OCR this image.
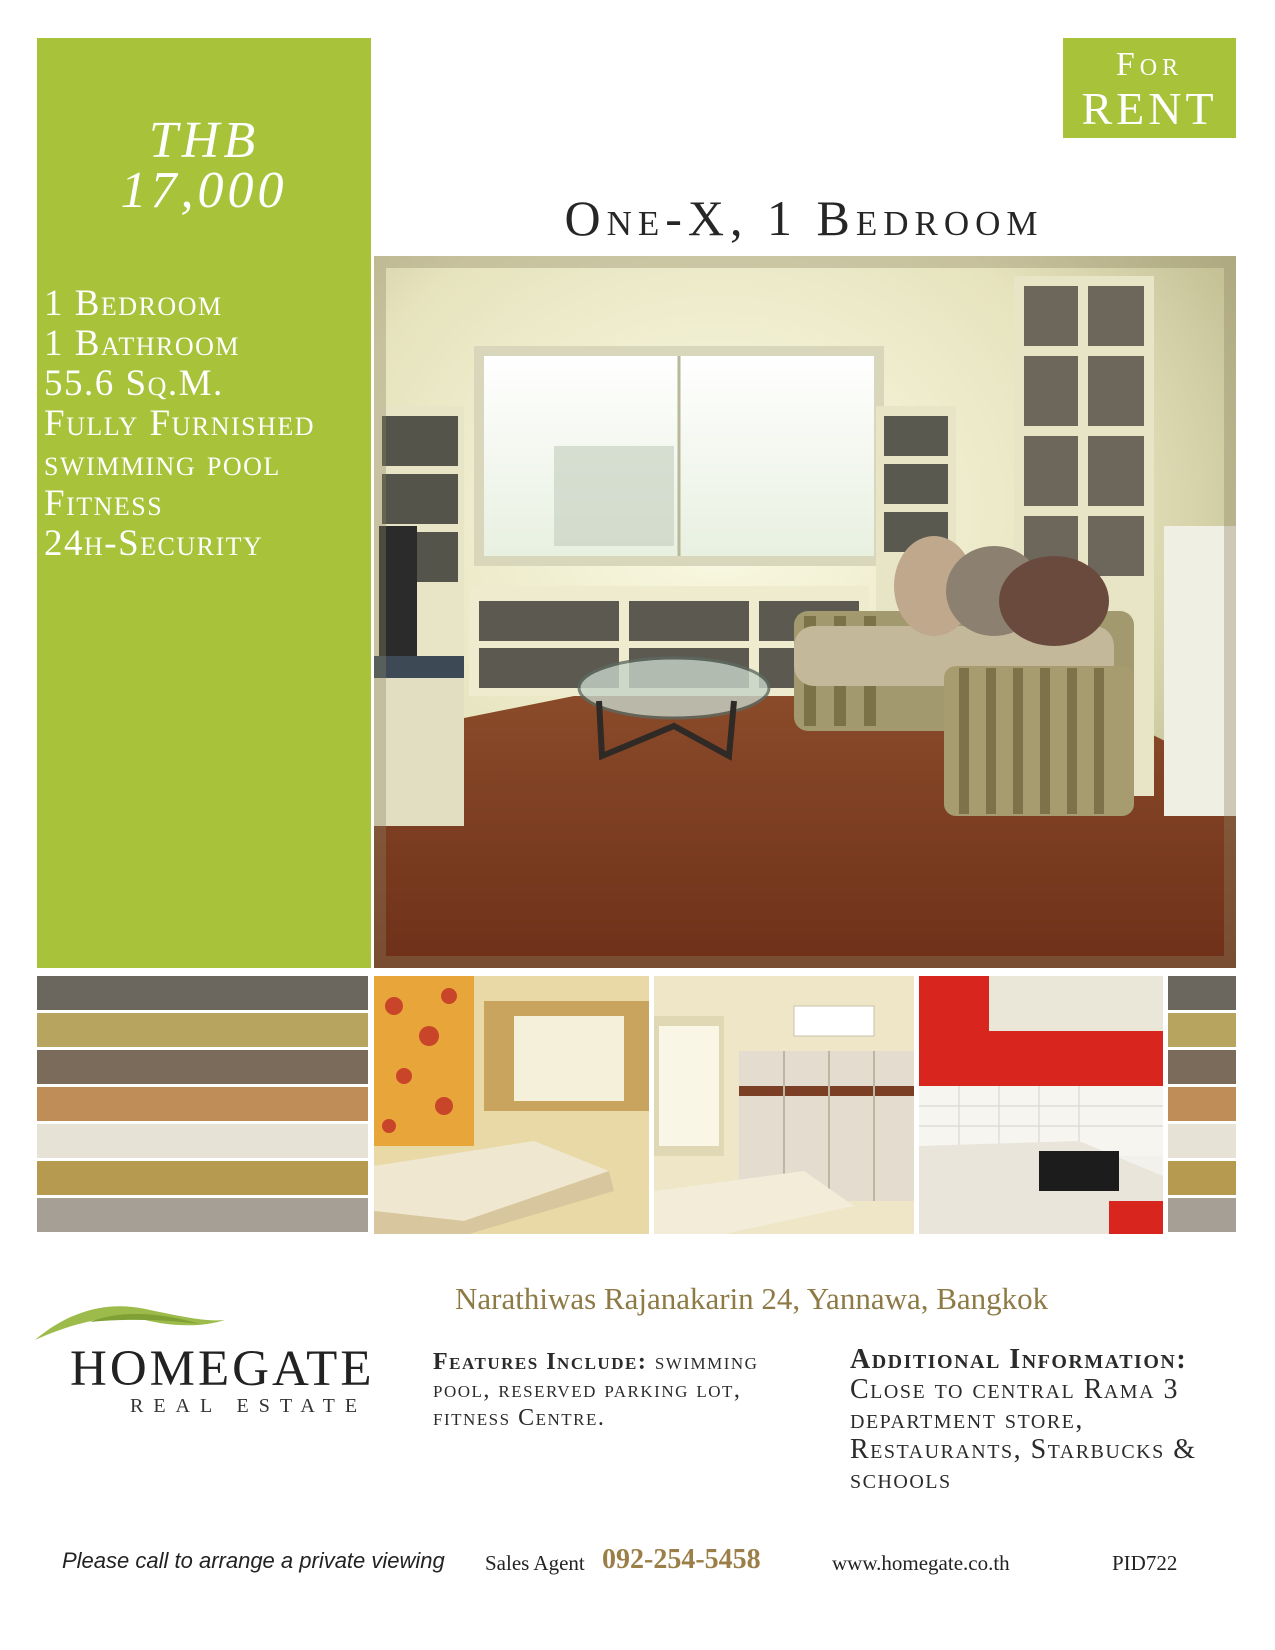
THB
17,000
1 Bedroom
1 Bathroom
55.6 Sq.M.
Fully Furnished
swimming pool
Fitness
24h-Security
For
RENT
One-X, 1 Bedroom
Narathiwas Rajanakarin 24, Yannawa, Bangkok
HOMEGATE
REAL ESTATE
Features Include: swimming pool, reserved parking lot, fitness Centre.
Additional Information:
Close to central Rama 3 department store, Restaurants, Starbucks & schools
Please call to arrange a private viewing Sales Agent 092-254-5458	www.homegate.co.th	PID722
